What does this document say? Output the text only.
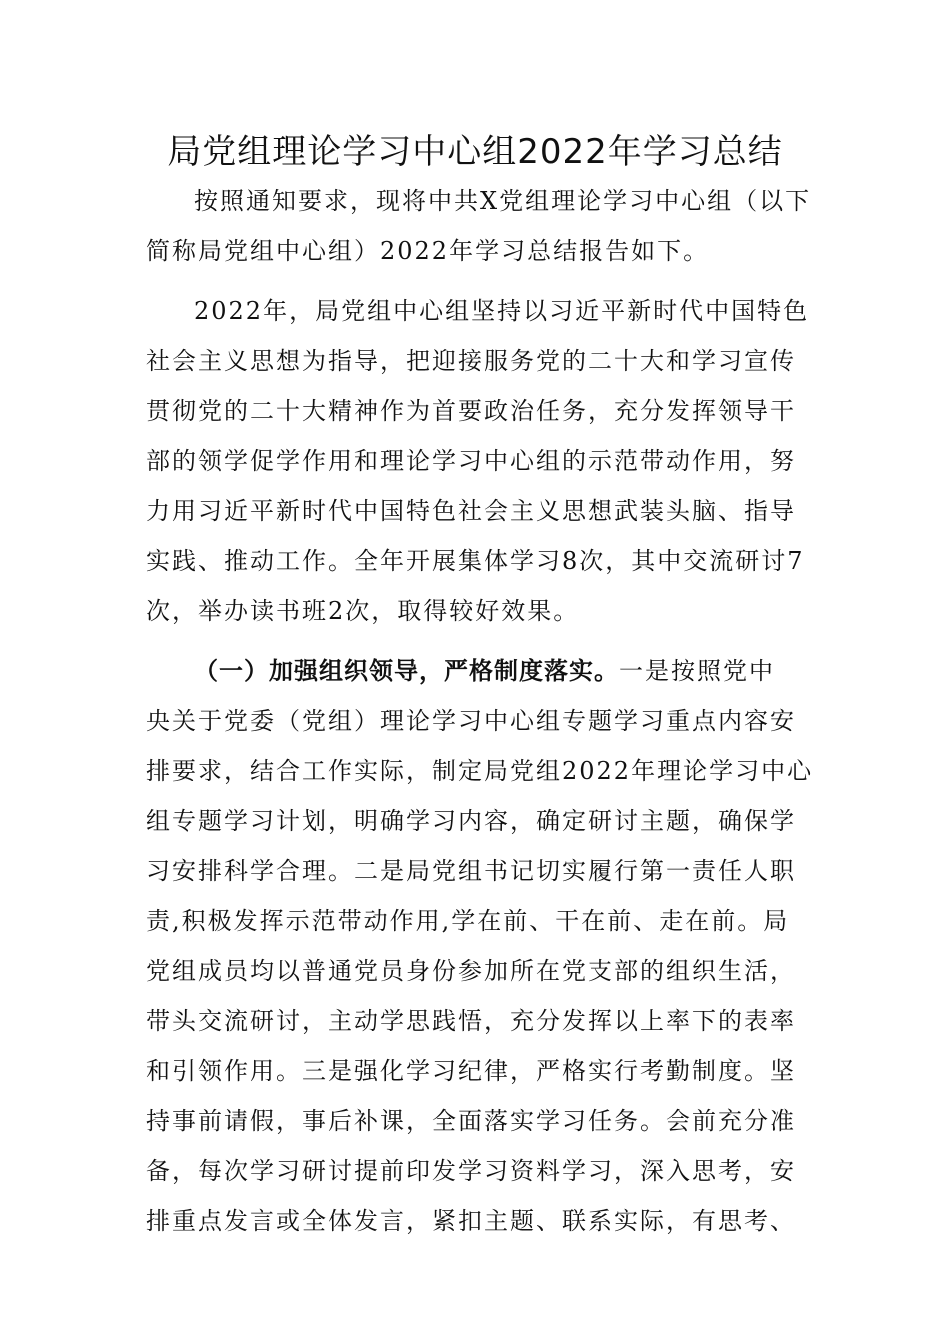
局党组理论学习中心组2022年学习总结
按照通知要求，现将中共X党组理论学习中心组（以下
简称局党组中心组）2022年学习总结报告如下。
2022年，局党组中心组坚持以习近平新时代中国特色
社会主义思想为指导，把迎接服务党的二十大和学习宣传
贯彻党的二十大精神作为首要政治任务，充分发挥领导干
部的领学促学作用和理论学习中心组的示范带动作用，努
力用习近平新时代中国特色社会主义思想武装头脑、指导
实践、推动工作。全年开展集体学习8次，其中交流研讨7
次，举办读书班2次，取得较好效果。
（一）加强组织领导，严格制度落实。一是按照党中
央关于党委（党组）理论学习中心组专题学习重点内容安
排要求，结合工作实际，制定局党组2022年理论学习中心
组专题学习计划，明确学习内容，确定研讨主题，确保学
习安排科学合理。二是局党组书记切实履行第一责任人职
责,积极发挥示范带动作用,学在前、干在前、走在前。局
党组成员均以普通党员身份参加所在党支部的组织生活，
带头交流研讨，主动学思践悟，充分发挥以上率下的表率
和引领作用。三是强化学习纪律，严格实行考勤制度。坚
持事前请假，事后补课，全面落实学习任务。会前充分准
备，每次学习研讨提前印发学习资料学习，深入思考，安
排重点发言或全体发言，紧扣主题、联系实际，有思考、
